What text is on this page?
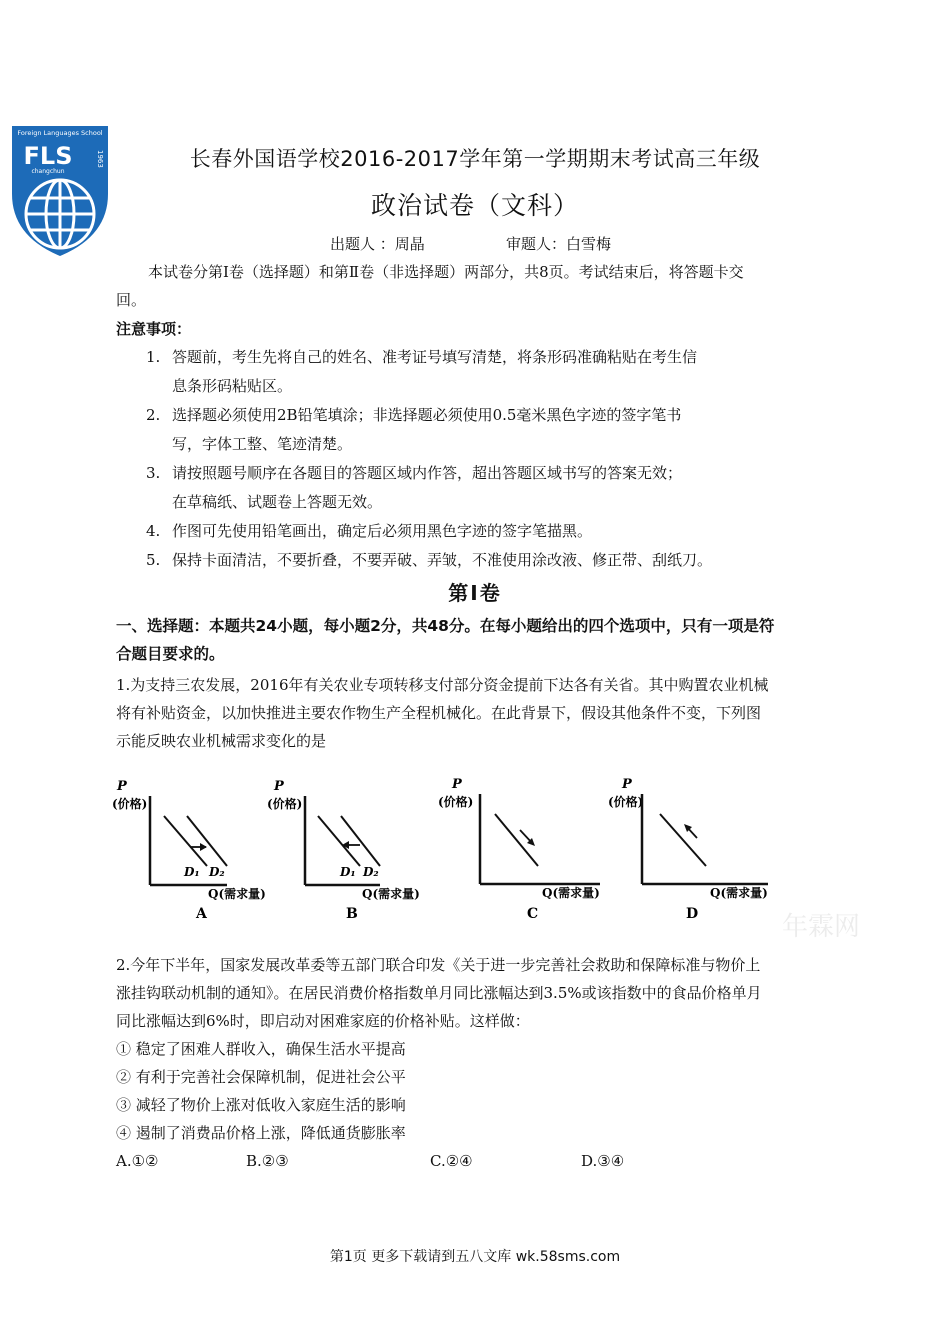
Foreign Languages School
FLS
changchun
1963	长春外国语学校2016-2017学年第一学期期末考试高三年级
政治试卷（文科）
出题人 ：周晶	审题人：白雪梅
本试卷分第Ⅰ卷（选择题）和第Ⅱ卷（非选择题）两部分，共8页。考试结束后，将答题卡交
回。
注意事项：
1. 答题前，考生先将自己的姓名、准考证号填写清楚，将条形码准确粘贴在考生信
息条形码粘贴区。
2. 选择题必须使用2B铅笔填涂；非选择题必须使用0.5毫米黑色字迹的签字笔书
写，字体工整、笔迹清楚。
3. 请按照题号顺序在各题目的答题区域内作答，超出答题区域书写的答案无效；
在草稿纸、试题卷上答题无效。
4. 作图可先使用铅笔画出，确定后必须用黑色字迹的签字笔描黑。
5. 保持卡面清洁，不要折叠，不要弄破、弄皱，不准使用涂改液、修正带、刮纸刀。
第Ⅰ卷
一、选择题：本题共24小题，每小题2分，共48分。在每小题给出的四个选项中，只有一项是符
合题目要求的。
1.为支持三农发展，2016年有关农业专项转移支付部分资金提前下达各有关省。其中购置农业机械
将有补贴资金，以加快推进主要农作物生产全程机械化。在此背景下，假设其他条件不变，下列图
示能反映农业机械需求变化的是
P
(价格)
D₁ D₂
Q(需求量)
A
P
(价格)
D₁ D₂
Q(需求量)
B
P
(价格)
Q(需求量)
C
P
(价格)
Q(需求量)
D	年霖网
2.今年下半年，国家发展改革委等五部门联合印发《关于进一步完善社会救助和保障标准与物价上
涨挂钩联动机制的通知》。在居民消费价格指数单月同比涨幅达到3.5%或该指数中的食品价格单月
同比涨幅达到6%时，即启动对困难家庭的价格补贴。这样做：
① 稳定了困难人群收入，确保生活水平提高
② 有利于完善社会保障机制，促进社会公平
③ 减轻了物价上涨对低收入家庭生活的影响
④ 遏制了消费品价格上涨，降低通货膨胀率
A.①②	B.②③	C.②④	D.③④
第1页 更多下载请到五八文库 wk.58sms.com
